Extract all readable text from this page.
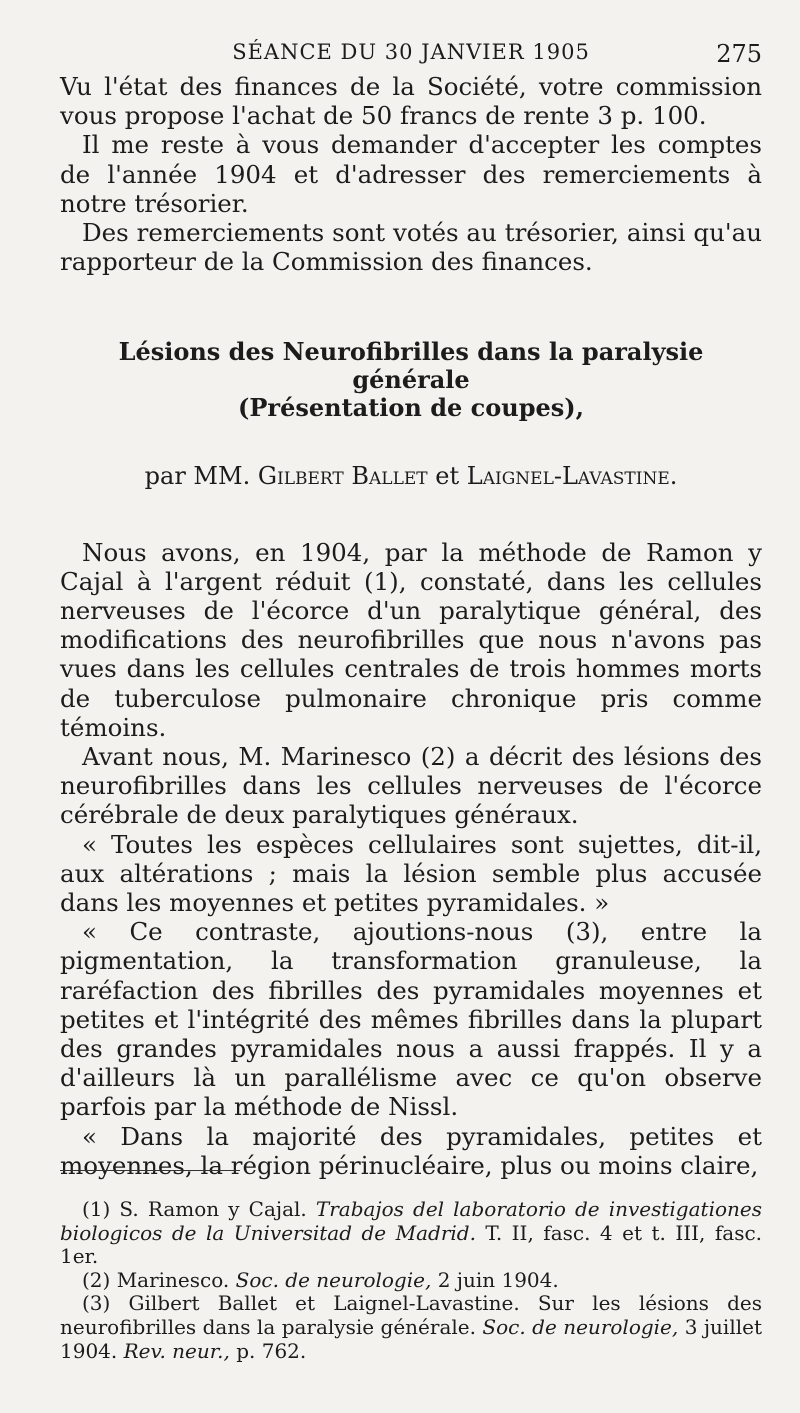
SÉANCE DU 30 JANVIER 1905	275

Vu l'état des finances de la Société, votre commission vous propose l'achat de 50 francs de rente 3 p. 100.

Il me reste à vous demander d'accepter les comptes de l'année 1904 et d'adresser des remerciements à notre trésorier.

Des remerciements sont votés au trésorier, ainsi qu'au rapporteur de la Commission des finances.

Lésions des Neurofibrilles dans la paralysie générale
(Présentation de coupes),
par MM. Gilbert Ballet et Laignel-Lavastine.

Nous avons, en 1904, par la méthode de Ramon y Cajal à l'argent réduit (1), constaté, dans les cellules nerveuses de l'écorce d'un paralytique général, des modifications des neurofibrilles que nous n'avons pas vues dans les cellules centrales de trois hommes morts de tuberculose pulmonaire chronique pris comme témoins.

Avant nous, M. Marinesco (2) a décrit des lésions des neurofibrilles dans les cellules nerveuses de l'écorce cérébrale de deux paralytiques généraux.

« Toutes les espèces cellulaires sont sujettes, dit-il, aux altérations ; mais la lésion semble plus accusée dans les moyennes et petites pyramidales. »

« Ce contraste, ajoutions-nous (3), entre la pigmentation, la transformation granuleuse, la raréfaction des fibrilles des pyramidales moyennes et petites et l'intégrité des mêmes fibrilles dans la plupart des grandes pyramidales nous a aussi frappés. Il y a d'ailleurs là un parallélisme avec ce qu'on observe parfois par la méthode de Nissl.

« Dans la majorité des pyramidales, petites et moyennes, la région périnucléaire, plus ou moins claire,

(1) S. Ramon y Cajal. Trabajos del laboratorio de investigationes biologicos de la Universitad de Madrid. T. II, fasc. 4 et t. III, fasc. 1er.

(2) Marinesco. Soc. de neurologie, 2 juin 1904.

(3) Gilbert Ballet et Laignel-Lavastine. Sur les lésions des neurofibrilles dans la paralysie générale. Soc. de neurologie, 3 juillet 1904. Rev. neur., p. 762.
